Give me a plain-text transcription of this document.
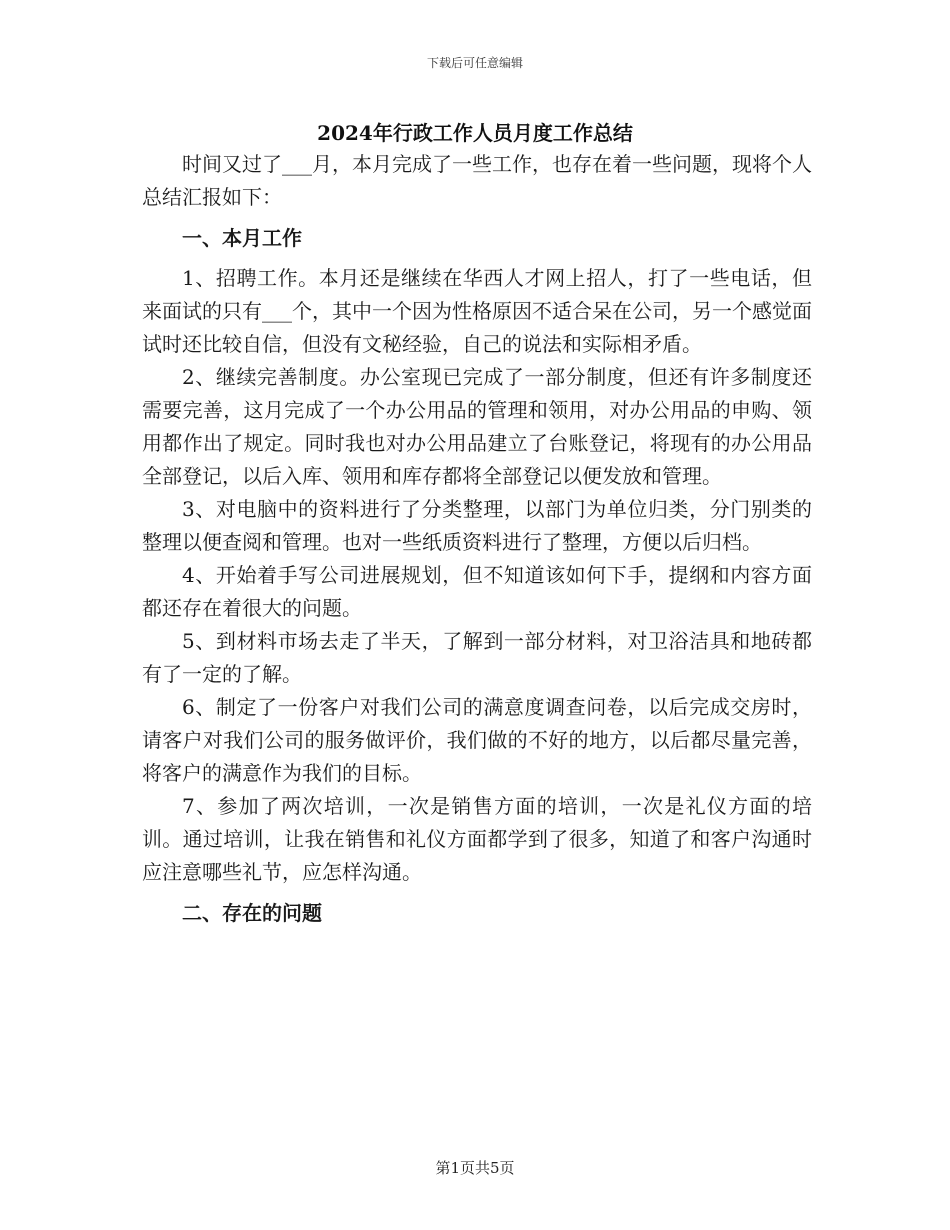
下载后可任意编辑
2024年行政工作人员月度工作总结

时间又过了___月，本月完成了一些工作，也存在着一些问题，现将个人总结汇报如下：

一、本月工作

1、招聘工作。本月还是继续在华西人才网上招人，打了一些电话，但来面试的只有___个，其中一个因为性格原因不适合呆在公司，另一个感觉面试时还比较自信，但没有文秘经验，自己的说法和实际相矛盾。

2、继续完善制度。办公室现已完成了一部分制度，但还有许多制度还需要完善，这月完成了一个办公用品的管理和领用，对办公用品的申购、领用都作出了规定。同时我也对办公用品建立了台账登记，将现有的办公用品全部登记，以后入库、领用和库存都将全部登记以便发放和管理。

3、对电脑中的资料进行了分类整理，以部门为单位归类，分门别类的整理以便查阅和管理。也对一些纸质资料进行了整理，方便以后归档。

4、开始着手写公司进展规划，但不知道该如何下手，提纲和内容方面都还存在着很大的问题。

5、到材料市场去走了半天，了解到一部分材料，对卫浴洁具和地砖都有了一定的了解。

6、制定了一份客户对我们公司的满意度调查问卷，以后完成交房时，请客户对我们公司的服务做评价，我们做的不好的地方，以后都尽量完善，将客户的满意作为我们的目标。

7、参加了两次培训，一次是销售方面的培训，一次是礼仪方面的培训。通过培训，让我在销售和礼仪方面都学到了很多，知道了和客户沟通时应注意哪些礼节，应怎样沟通。

二、存在的问题

第1页共5页
